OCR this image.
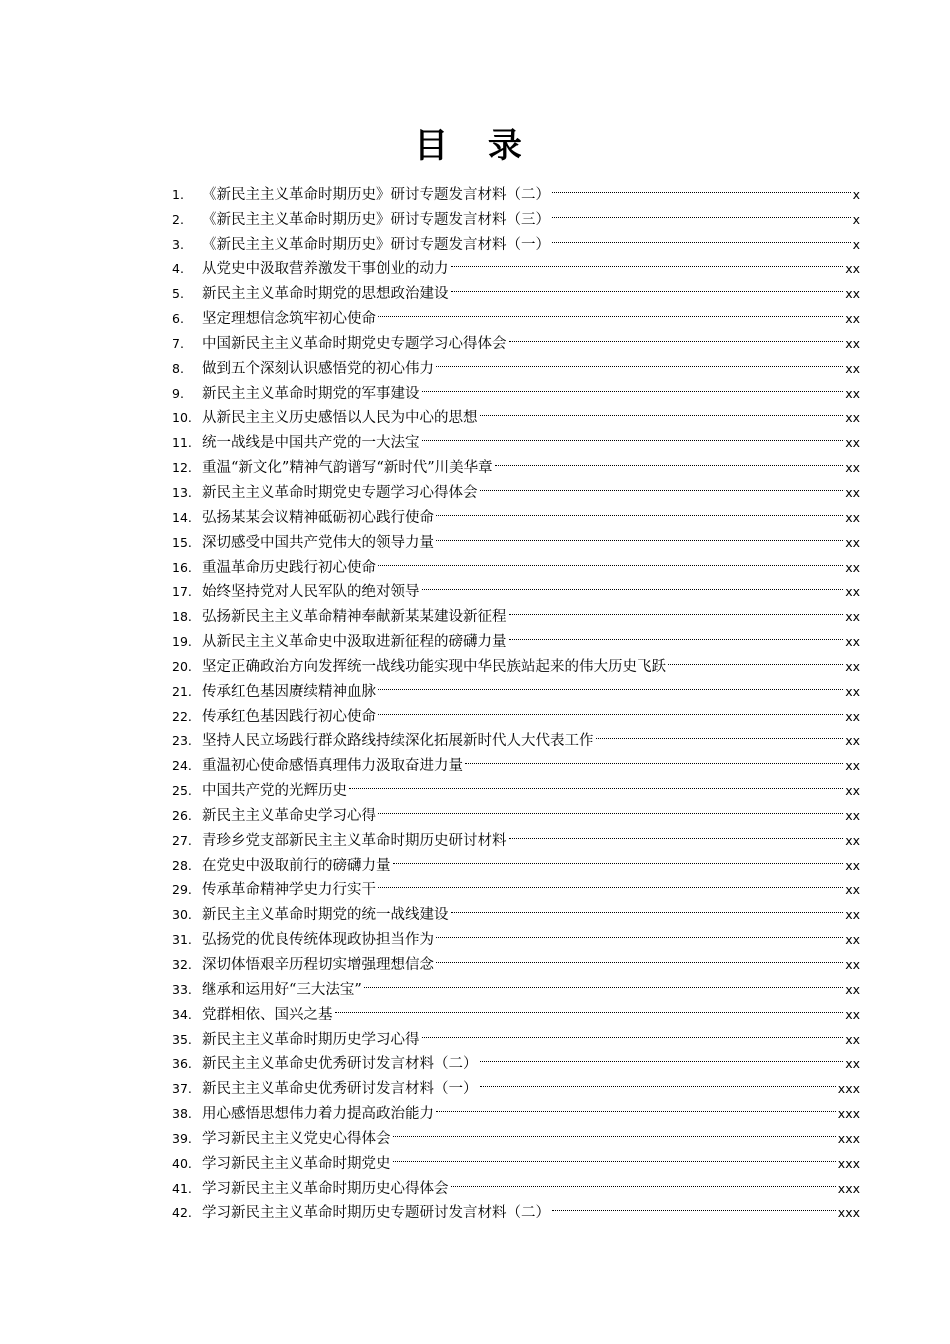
目 录
1.	《新民主主义革命时期历史》研讨专题发言材料（二）	x
2.	《新民主主义革命时期历史》研讨专题发言材料（三）	x
3.	《新民主主义革命时期历史》研讨专题发言材料（一）	x
4.	从党史中汲取营养激发干事创业的动力	xx
5.	新民主主义革命时期党的思想政治建设	xx
6.	坚定理想信念筑牢初心使命	xx
7.	中国新民主主义革命时期党史专题学习心得体会	xx
8.	做到五个深刻认识感悟党的初心伟力	xx
9.	新民主主义革命时期党的军事建设	xx
10. 从新民主主义历史感悟以人民为中心的思想	xx
11. 统一战线是中国共产党的一大法宝	xx
12. 重温“新文化”精神气韵谱写“新时代”川美华章	xx
13. 新民主主义革命时期党史专题学习心得体会	xx
14. 弘扬某某会议精神砥砺初心践行使命	xx
15. 深切感受中国共产党伟大的领导力量	xx
16. 重温革命历史践行初心使命	xx
17. 始终坚持党对人民军队的绝对领导	xx
18. 弘扬新民主主义革命精神奉献新某某建设新征程	xx
19. 从新民主主义革命史中汲取进新征程的磅礴力量	xx
20. 坚定正确政治方向发挥统一战线功能实现中华民族站起来的伟大历史飞跃	xx
21. 传承红色基因赓续精神血脉	xx
22. 传承红色基因践行初心使命	xx
23. 坚持人民立场践行群众路线持续深化拓展新时代人大代表工作	xx
24. 重温初心使命感悟真理伟力汲取奋进力量	xx
25. 中国共产党的光辉历史	xx
26. 新民主主义革命史学习心得	xx
27. 青珍乡党支部新民主主义革命时期历史研讨材料	xx
28. 在党史中汲取前行的磅礴力量	xx
29. 传承革命精神学史力行实干	xx
30. 新民主主义革命时期党的统一战线建设	xx
31. 弘扬党的优良传统体现政协担当作为	xx
32. 深切体悟艰辛历程切实增强理想信念	xx
33. 继承和运用好“三大法宝”	xx
34. 党群相依、国兴之基	xx
35. 新民主主义革命时期历史学习心得	xx
36. 新民主主义革命史优秀研讨发言材料（二）	xx
37. 新民主主义革命史优秀研讨发言材料（一）	xxx
38. 用心感悟思想伟力着力提高政治能力	xxx
39. 学习新民主主义党史心得体会	xxx
40. 学习新民主主义革命时期党史	xxx
41. 学习新民主主义革命时期历史心得体会	xxx
42. 学习新民主主义革命时期历史专题研讨发言材料（二）	xxx
